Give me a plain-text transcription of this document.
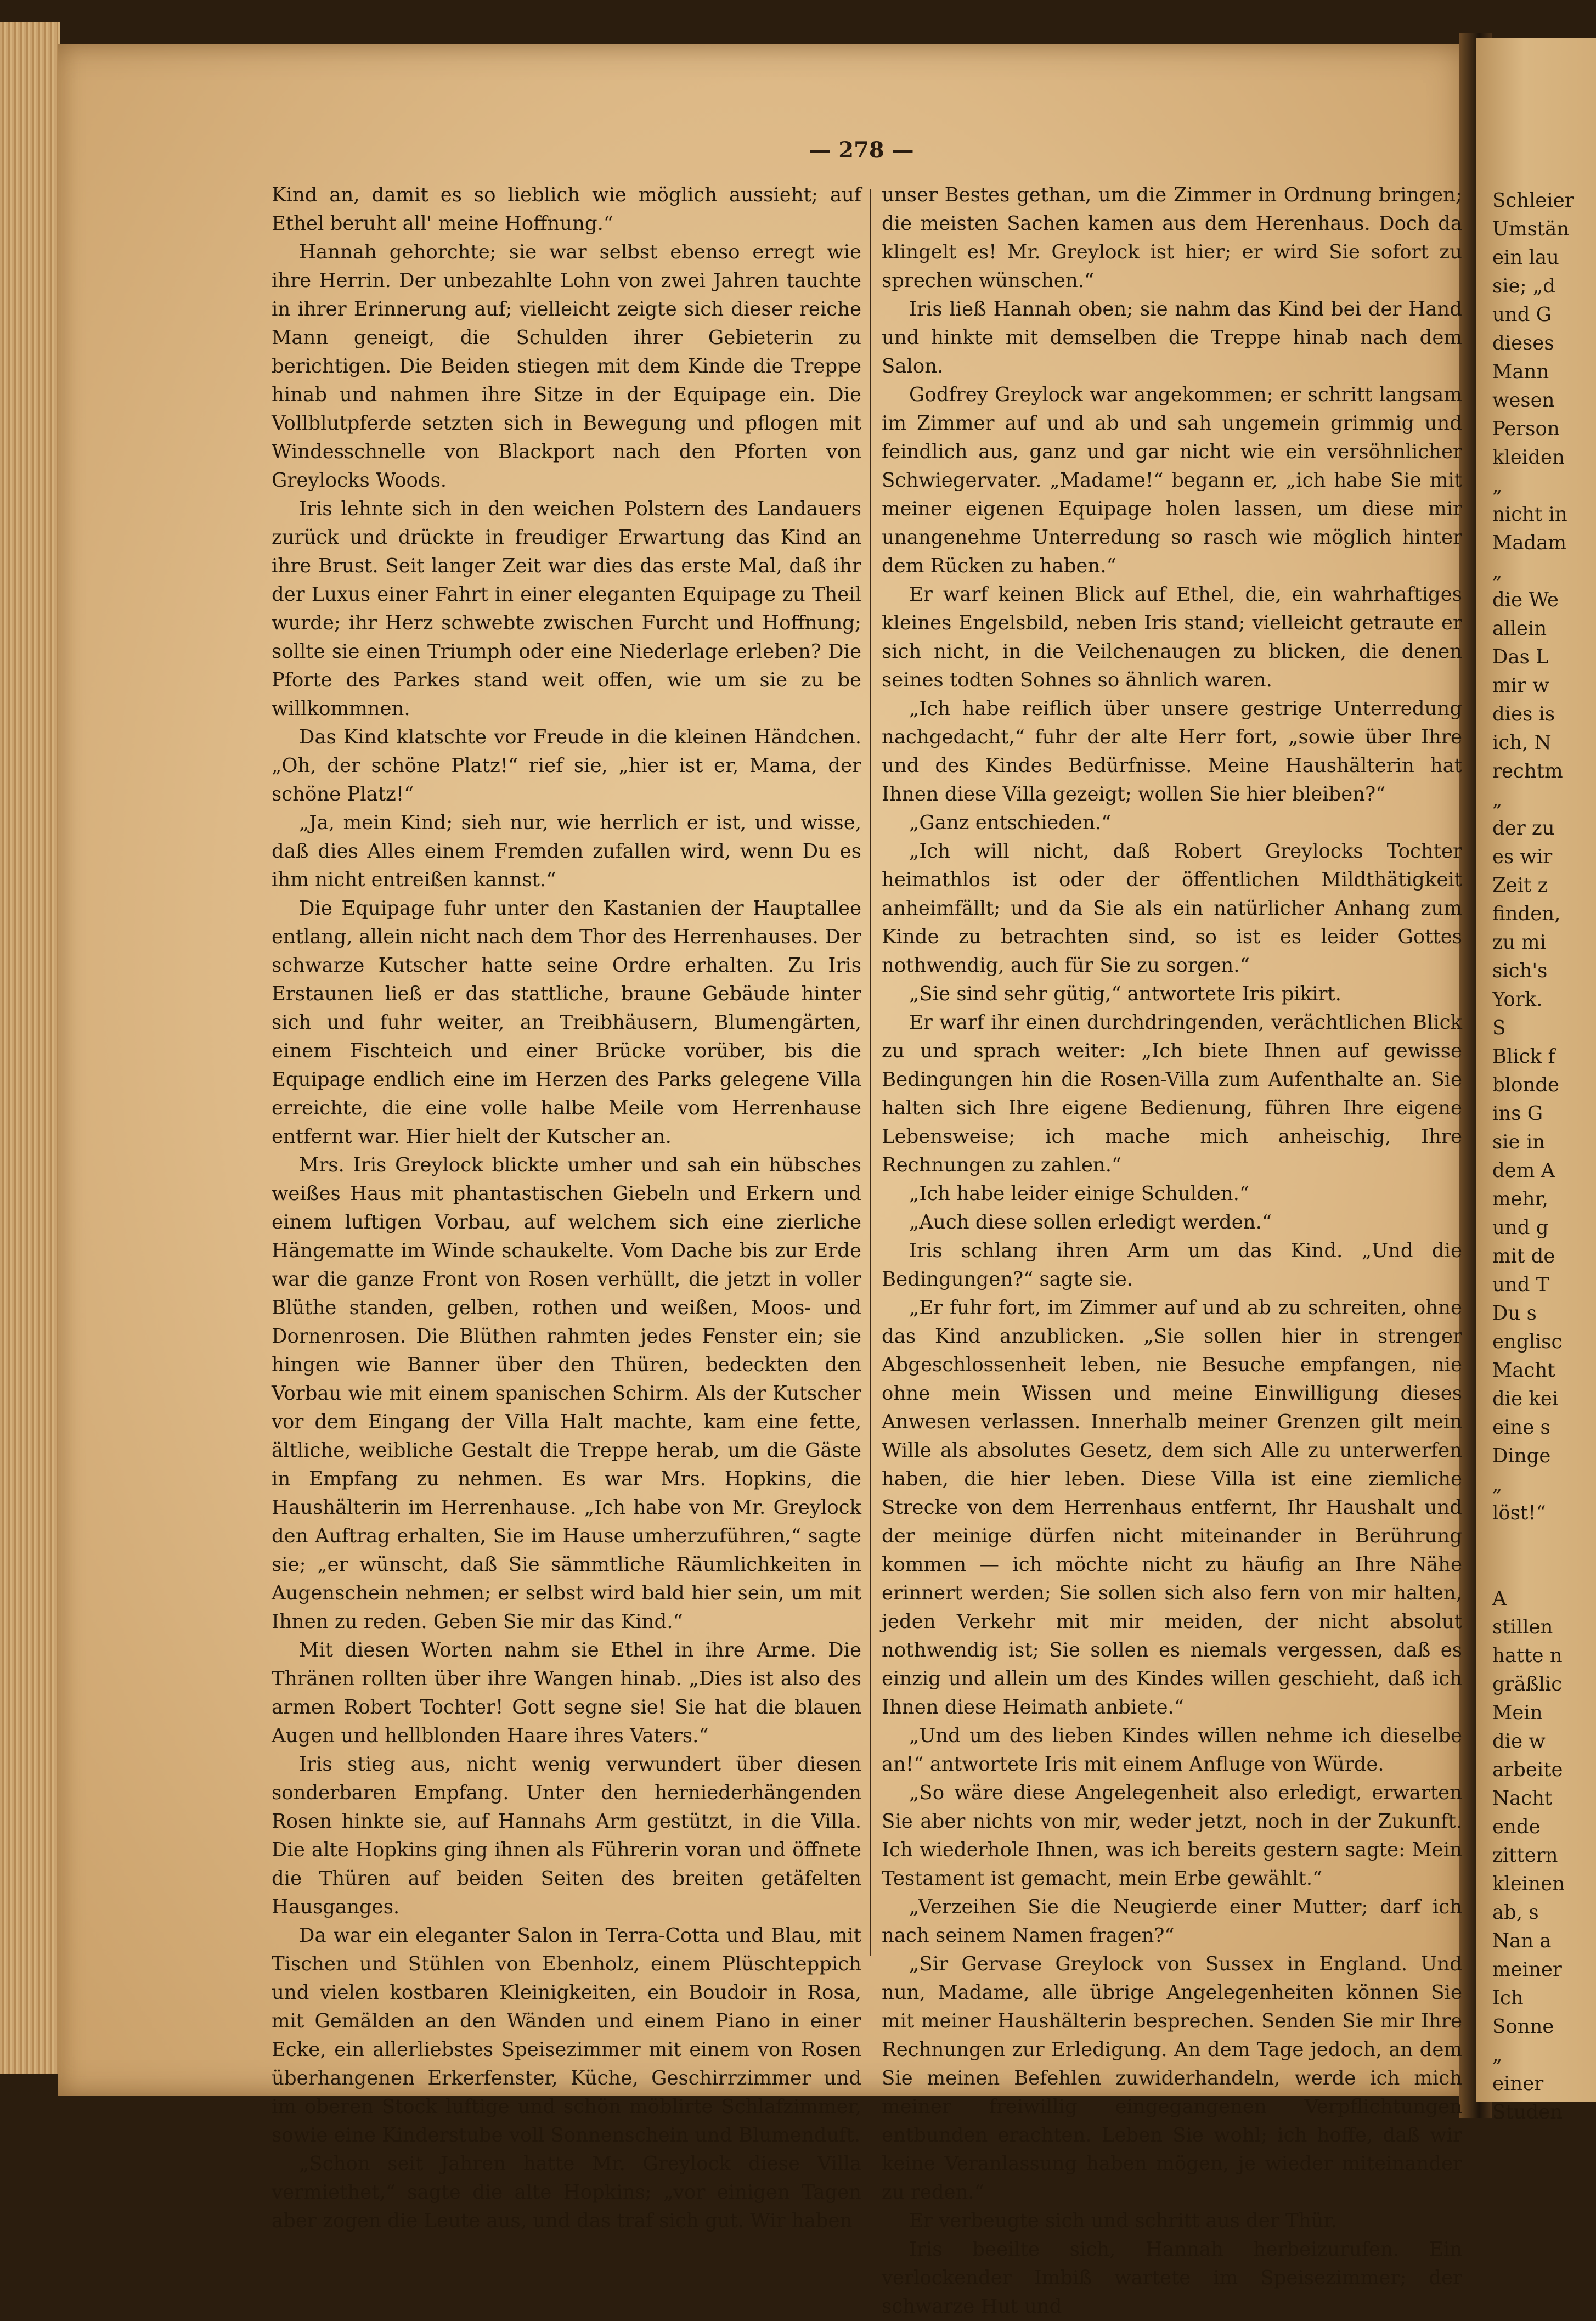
— 278 —

Kind an, damit es so lieblich wie möglich aussieht; auf Ethel beruht all' meine Hoffnung.“

Hannah gehorchte; sie war selbst ebenso erregt wie ihre Herrin. Der unbezahlte Lohn von zwei Jahren tauchte in ihrer Erinnerung auf; vielleicht zeigte sich dieser reiche Mann geneigt, die Schulden ihrer Gebieterin zu berichtigen. Die Beiden stiegen mit dem Kinde die Treppe hinab und nahmen ihre Sitze in der Equipage ein. Die Vollblutpferde setzten sich in Bewegung und pflogen mit Windesschnelle von Blackport nach den Pforten von Greylocks Woods.

Iris lehnte sich in den weichen Polstern des Landauers zurück und drückte in freudiger Erwartung das Kind an ihre Brust. Seit langer Zeit war dies das erste Mal, daß ihr der Luxus einer Fahrt in einer eleganten Equipage zu Theil wurde; ihr Herz schwebte zwischen Furcht und Hoffnung; sollte sie einen Triumph oder eine Niederlage erleben? Die Pforte des Parkes stand weit offen, wie um sie zu be willkommnen.

Das Kind klatschte vor Freude in die kleinen Händchen. „Oh, der schöne Platz!“ rief sie, „hier ist er, Mama, der schöne Platz!“

„Ja, mein Kind; sieh nur, wie herrlich er ist, und wisse, daß dies Alles einem Fremden zufallen wird, wenn Du es ihm nicht entreißen kannst.“

Die Equipage fuhr unter den Kastanien der Hauptallee entlang, allein nicht nach dem Thor des Herrenhauses. Der schwarze Kutscher hatte seine Ordre erhalten. Zu Iris Erstaunen ließ er das stattliche, braune Gebäude hinter sich und fuhr weiter, an Treibhäusern, Blumengärten, einem Fischteich und einer Brücke vorüber, bis die Equipage endlich eine im Herzen des Parks gelegene Villa erreichte, die eine volle halbe Meile vom Herrenhause entfernt war. Hier hielt der Kutscher an.

Mrs. Iris Greylock blickte umher und sah ein hübsches weißes Haus mit phantastischen Giebeln und Erkern und einem luftigen Vorbau, auf welchem sich eine zierliche Hängematte im Winde schaukelte. Vom Dache bis zur Erde war die ganze Front von Rosen verhüllt, die jetzt in voller Blüthe standen, gelben, rothen und weißen, Moos- und Dornenrosen. Die Blüthen rahmten jedes Fenster ein; sie hingen wie Banner über den Thüren, bedeckten den Vorbau wie mit einem spanischen Schirm. Als der Kutscher vor dem Eingang der Villa Halt machte, kam eine fette, ältliche, weibliche Gestalt die Treppe herab, um die Gäste in Empfang zu nehmen. Es war Mrs. Hopkins, die Haushälterin im Herrenhause. „Ich habe von Mr. Greylock den Auftrag erhalten, Sie im Hause umherzuführen,“ sagte sie; „er wünscht, daß Sie sämmtliche Räumlichkeiten in Augenschein nehmen; er selbst wird bald hier sein, um mit Ihnen zu reden. Geben Sie mir das Kind.“

Mit diesen Worten nahm sie Ethel in ihre Arme. Die Thränen rollten über ihre Wangen hinab. „Dies ist also des armen Robert Tochter! Gott segne sie! Sie hat die blauen Augen und hellblonden Haare ihres Vaters.“

Iris stieg aus, nicht wenig verwundert über diesen sonderbaren Empfang. Unter den herniederhängenden Rosen hinkte sie, auf Hannahs Arm gestützt, in die Villa. Die alte Hopkins ging ihnen als Führerin voran und öffnete die Thüren auf beiden Seiten des breiten getäfelten Hausganges.

Da war ein eleganter Salon in Terra-Cotta und Blau, mit Tischen und Stühlen von Ebenholz, einem Plüschteppich und vielen kostbaren Kleinigkeiten, ein Boudoir in Rosa, mit Gemälden an den Wänden und einem Piano in einer Ecke, ein allerliebstes Speisezimmer mit einem von Rosen überhangenen Erkerfenster, Küche, Geschirrzimmer und im oberen Stock luftige und schön möblirte Schlafzimmer, sowie eine Kinderstube voll Sonnenschein und Blumenduft.

„Schon seit Jahren hatte Mr. Greylock diese Villa vermiethet,“ sagte die alte Hopkins; „vor einigen Tagen aber zogen die Leute aus, und das traf sich gut. Wir haben

unser Bestes gethan, um die Zimmer in Ordnung bringen; die meisten Sachen kamen aus dem Herenhaus. Doch da klingelt es! Mr. Greylock ist hier; er wird Sie sofort zu sprechen wünschen.“

Iris ließ Hannah oben; sie nahm das Kind bei der Hand und hinkte mit demselben die Treppe hinab nach dem Salon.

Godfrey Greylock war angekommen; er schritt langsam im Zimmer auf und ab und sah ungemein grimmig und feindlich aus, ganz und gar nicht wie ein versöhnlicher Schwiegervater. „Madame!“ begann er, „ich habe Sie mit meiner eigenen Equipage holen lassen, um diese mir unangenehme Unterredung so rasch wie möglich hinter dem Rücken zu haben.“

Er warf keinen Blick auf Ethel, die, ein wahrhaftiges kleines Engelsbild, neben Iris stand; vielleicht getraute er sich nicht, in die Veilchenaugen zu blicken, die denen seines todten Sohnes so ähnlich waren.

„Ich habe reiflich über unsere gestrige Unterredung nachgedacht,“ fuhr der alte Herr fort, „sowie über Ihre und des Kindes Bedürfnisse. Meine Haushälterin hat Ihnen diese Villa gezeigt; wollen Sie hier bleiben?“

„Ganz entschieden.“

„Ich will nicht, daß Robert Greylocks Tochter heimathlos ist oder der öffentlichen Mildthätigkeit anheimfällt; und da Sie als ein natürlicher Anhang zum Kinde zu betrachten sind, so ist es leider Gottes nothwendig, auch für Sie zu sorgen.“

„Sie sind sehr gütig,“ antwortete Iris pikirt.

Er warf ihr einen durchdringenden, verächtlichen Blick zu und sprach weiter: „Ich biete Ihnen auf gewisse Bedingungen hin die Rosen-Villa zum Aufenthalte an. Sie halten sich Ihre eigene Bedienung, führen Ihre eigene Lebensweise; ich mache mich anheischig, Ihre Rechnungen zu zahlen.“

„Ich habe leider einige Schulden.“

„Auch diese sollen erledigt werden.“

Iris schlang ihren Arm um das Kind. „Und die Bedingungen?“ sagte sie.

„Er fuhr fort, im Zimmer auf und ab zu schreiten, ohne das Kind anzublicken. „Sie sollen hier in strenger Abgeschlossenheit leben, nie Besuche empfangen, nie ohne mein Wissen und meine Einwilligung dieses Anwesen verlassen. Innerhalb meiner Grenzen gilt mein Wille als absolutes Gesetz, dem sich Alle zu unterwerfen haben, die hier leben. Diese Villa ist eine ziemliche Strecke von dem Herrenhaus entfernt, Ihr Haushalt und der meinige dürfen nicht miteinander in Berührung kommen — ich möchte nicht zu häufig an Ihre Nähe erinnert werden; Sie sollen sich also fern von mir halten, jeden Verkehr mit mir meiden, der nicht absolut nothwendig ist; Sie sollen es niemals vergessen, daß es einzig und allein um des Kindes willen geschieht, daß ich Ihnen diese Heimath anbiete.“

„Und um des lieben Kindes willen nehme ich dieselbe an!“ antwortete Iris mit einem Anfluge von Würde.

„So wäre diese Angelegenheit also erledigt, erwarten Sie aber nichts von mir, weder jetzt, noch in der Zukunft. Ich wiederhole Ihnen, was ich bereits gestern sagte: Mein Testament ist gemacht, mein Erbe gewählt.“

„Verzeihen Sie die Neugierde einer Mutter; darf ich nach seinem Namen fragen?“

„Sir Gervase Greylock von Sussex in England. Und nun, Madame, alle übrige Angelegenheiten können Sie mit meiner Haushälterin besprechen. Senden Sie mir Ihre Rechnungen zur Erledigung. An dem Tage jedoch, an dem Sie meinen Befehlen zuwiderhandeln, werde ich mich meiner freiwillig eingegangenen Verpflichtungen entbunden erachten. Leben Sie wohl; ich hoffe, daß wir keine Veranlassung haben mögen, je wieder miteinander zu reden.“

Er verbeugte sich und schritt aus der Thür.

Iris beeilte sich, Hannah herbeizurufen. Ein verlockender Imbiß wartete im Speisezimmer; der schwarze Hut und

Schleier
Umstän
ein lau
sie; „d
und G
dieses
Mann
wesen
Person
kleiden
„
nicht in
Madam
„
die We
allein
Das L
mir w
dies is
ich, N
rechtm
„
der zu
es wir
Zeit z
finden,
zu mi
sich's
York.
S
Blick f
blonde
ins G
sie in
dem A
mehr,
und g
mit de
und T
Du s
englisc
Macht
die kei
eine s
Dinge
„
löst!“
A
stillen
hatte n
gräßlic
Mein
die w
arbeite
Nacht
ende
zittern
kleinen
ab, s
Nan a
meiner
Ich
Sonne
„
einer
Studen
